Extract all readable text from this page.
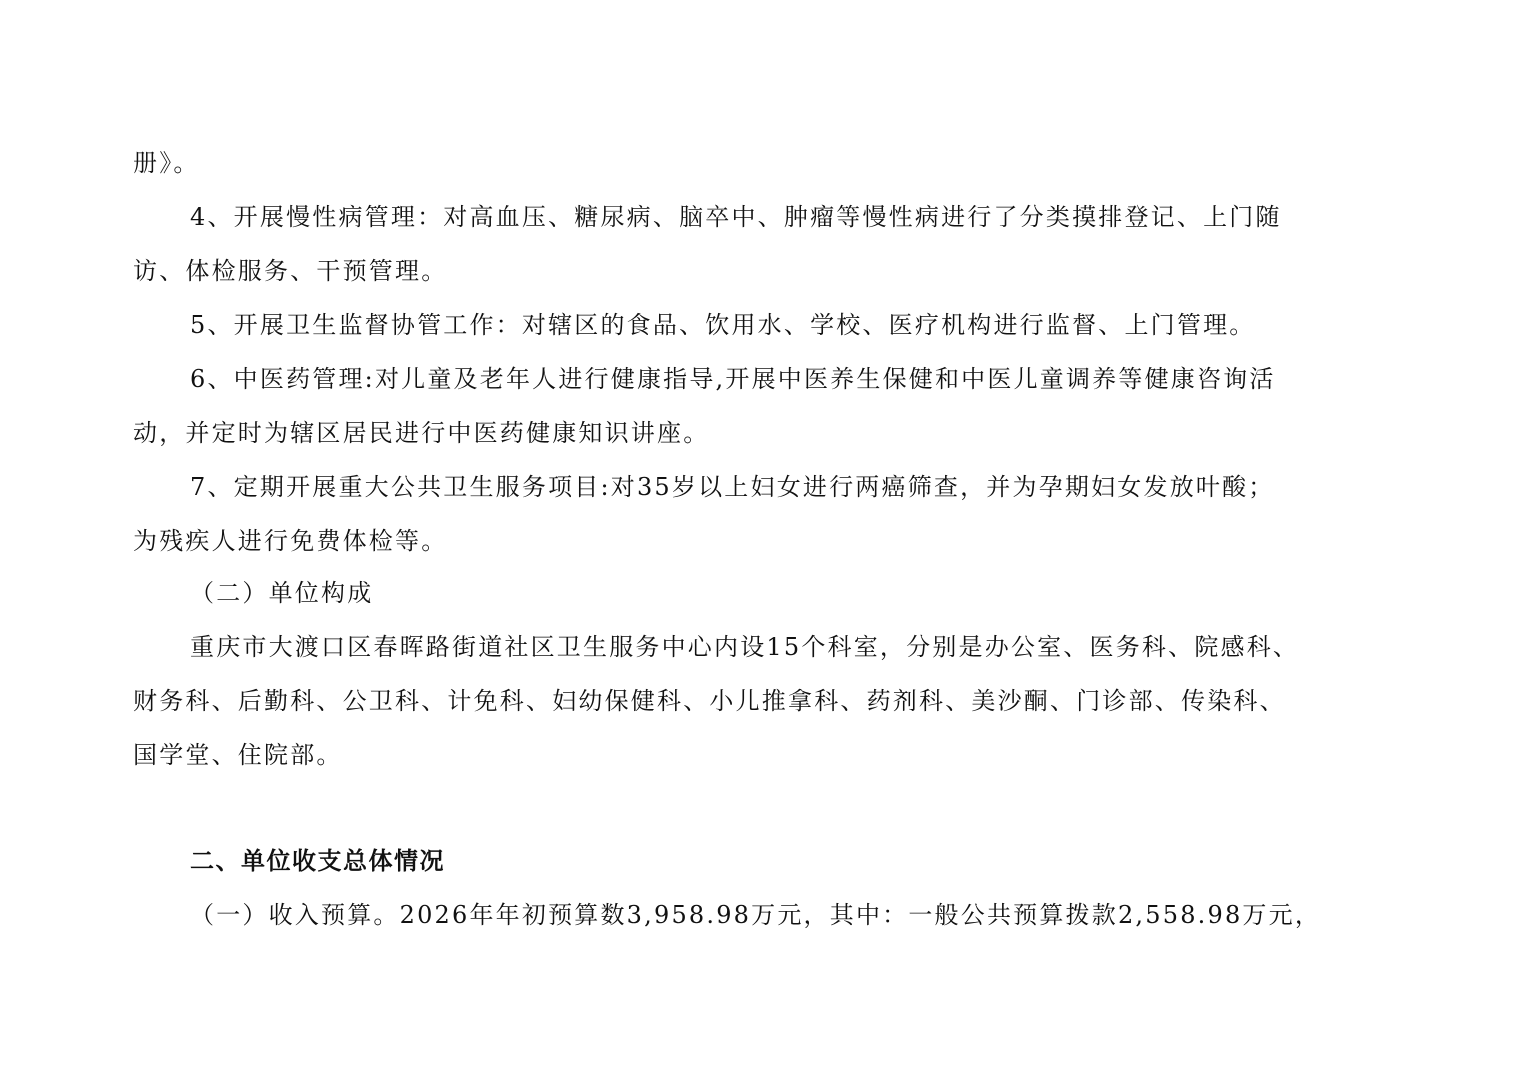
册》。
4、开展慢性病管理：对高血压、糖尿病、脑卒中、肿瘤等慢性病进行了分类摸排登记、上门随
访、体检服务、干预管理。
5、开展卫生监督协管工作：对辖区的食品、饮用水、学校、医疗机构进行监督、上门管理。
6、中医药管理:对儿童及老年人进行健康指导,开展中医养生保健和中医儿童调养等健康咨询活
动，并定时为辖区居民进行中医药健康知识讲座。
7、定期开展重大公共卫生服务项目:对35岁以上妇女进行两癌筛查，并为孕期妇女发放叶酸；
为残疾人进行免费体检等。
（二）单位构成
重庆市大渡口区春晖路街道社区卫生服务中心内设15个科室，分别是办公室、医务科、院感科、
财务科、后勤科、公卫科、计免科、妇幼保健科、小儿推拿科、药剂科、美沙酮、门诊部、传染科、
国学堂、住院部。
二、单位收支总体情况
（一）收入预算。2026年年初预算数3,958.98万元，其中：一般公共预算拨款2,558.98万元，
